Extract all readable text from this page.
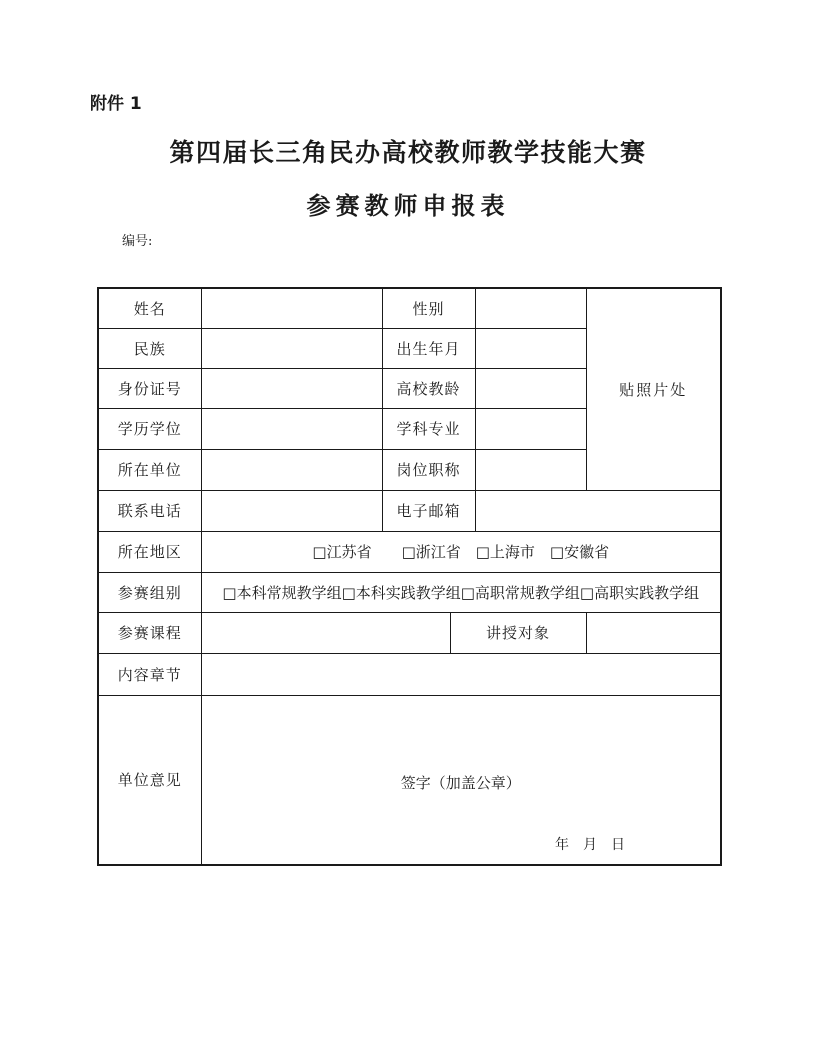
附件 1
第四届长三角民办高校教师教学技能大赛
参赛教师申报表
编号:
姓名		性别			贴照片处
民族		出生年月			
身份证号		高校教龄			
学历学位		学科专业			
所在单位		岗位职称			
联系电话		电子邮箱			
所在地区	□江苏省　　□浙江省　□上海市　□安徽省				
参赛组别	□本科常规教学组□本科实践教学组□高职常规教学组□高职实践教学组				
参赛课程			讲授对象		
内容章节					
单位意见	签字（加盖公章）
年　月　日				
